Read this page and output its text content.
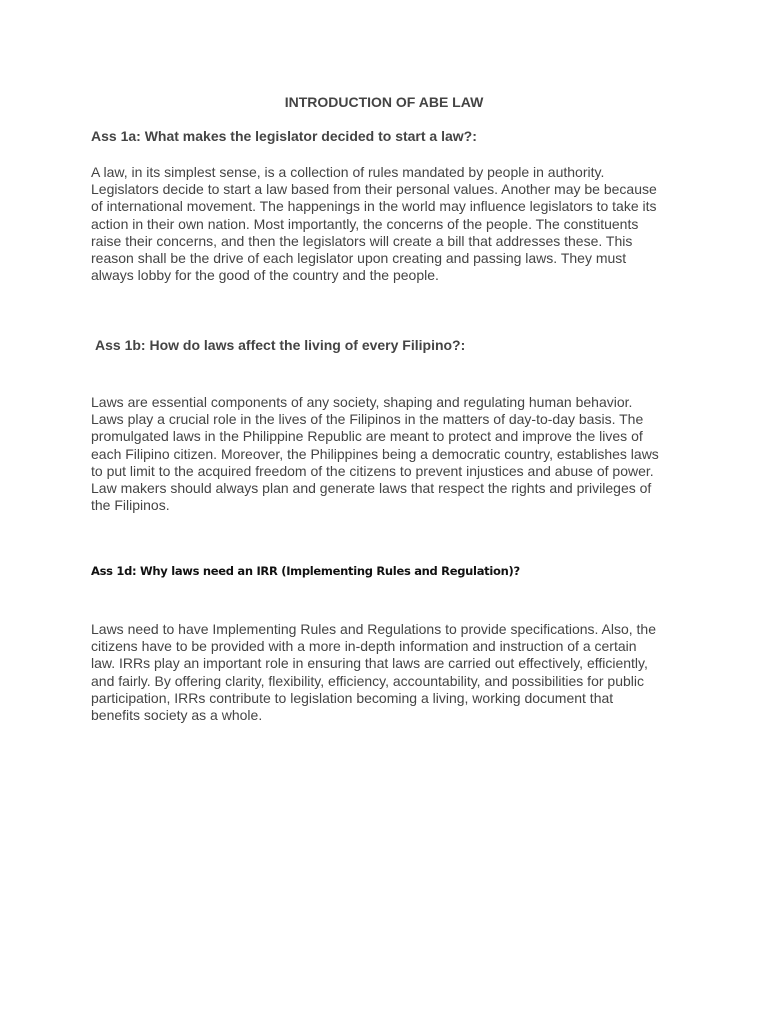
INTRODUCTION OF ABE LAW
Ass 1a: What makes the legislator decided to start a law?:
A law, in its simplest sense, is a collection of rules mandated by people in authority.
Legislators decide to start a law based from their personal values. Another may be because
of international movement. The happenings in the world may influence legislators to take its
action in their own nation. Most importantly, the concerns of the people. The constituents
raise their concerns, and then the legislators will create a bill that addresses these. This
reason shall be the drive of each legislator upon creating and passing laws. They must
always lobby for the good of the country and the people.
Ass 1b: How do laws affect the living of every Filipino?:
Laws are essential components of any society, shaping and regulating human behavior.
Laws play a crucial role in the lives of the Filipinos in the matters of day-to-day basis. The
promulgated laws in the Philippine Republic are meant to protect and improve the lives of
each Filipino citizen. Moreover, the Philippines being a democratic country, establishes laws
to put limit to the acquired freedom of the citizens to prevent injustices and abuse of power.
Law makers should always plan and generate laws that respect the rights and privileges of
the Filipinos.
Ass 1d: Why laws need an IRR (Implementing Rules and Regulation)?
Laws need to have Implementing Rules and Regulations to provide specifications. Also, the
citizens have to be provided with a more in-depth information and instruction of a certain
law. IRRs play an important role in ensuring that laws are carried out effectively, efficiently,
and fairly. By offering clarity, flexibility, efficiency, accountability, and possibilities for public
participation, IRRs contribute to legislation becoming a living, working document that
benefits society as a whole.
